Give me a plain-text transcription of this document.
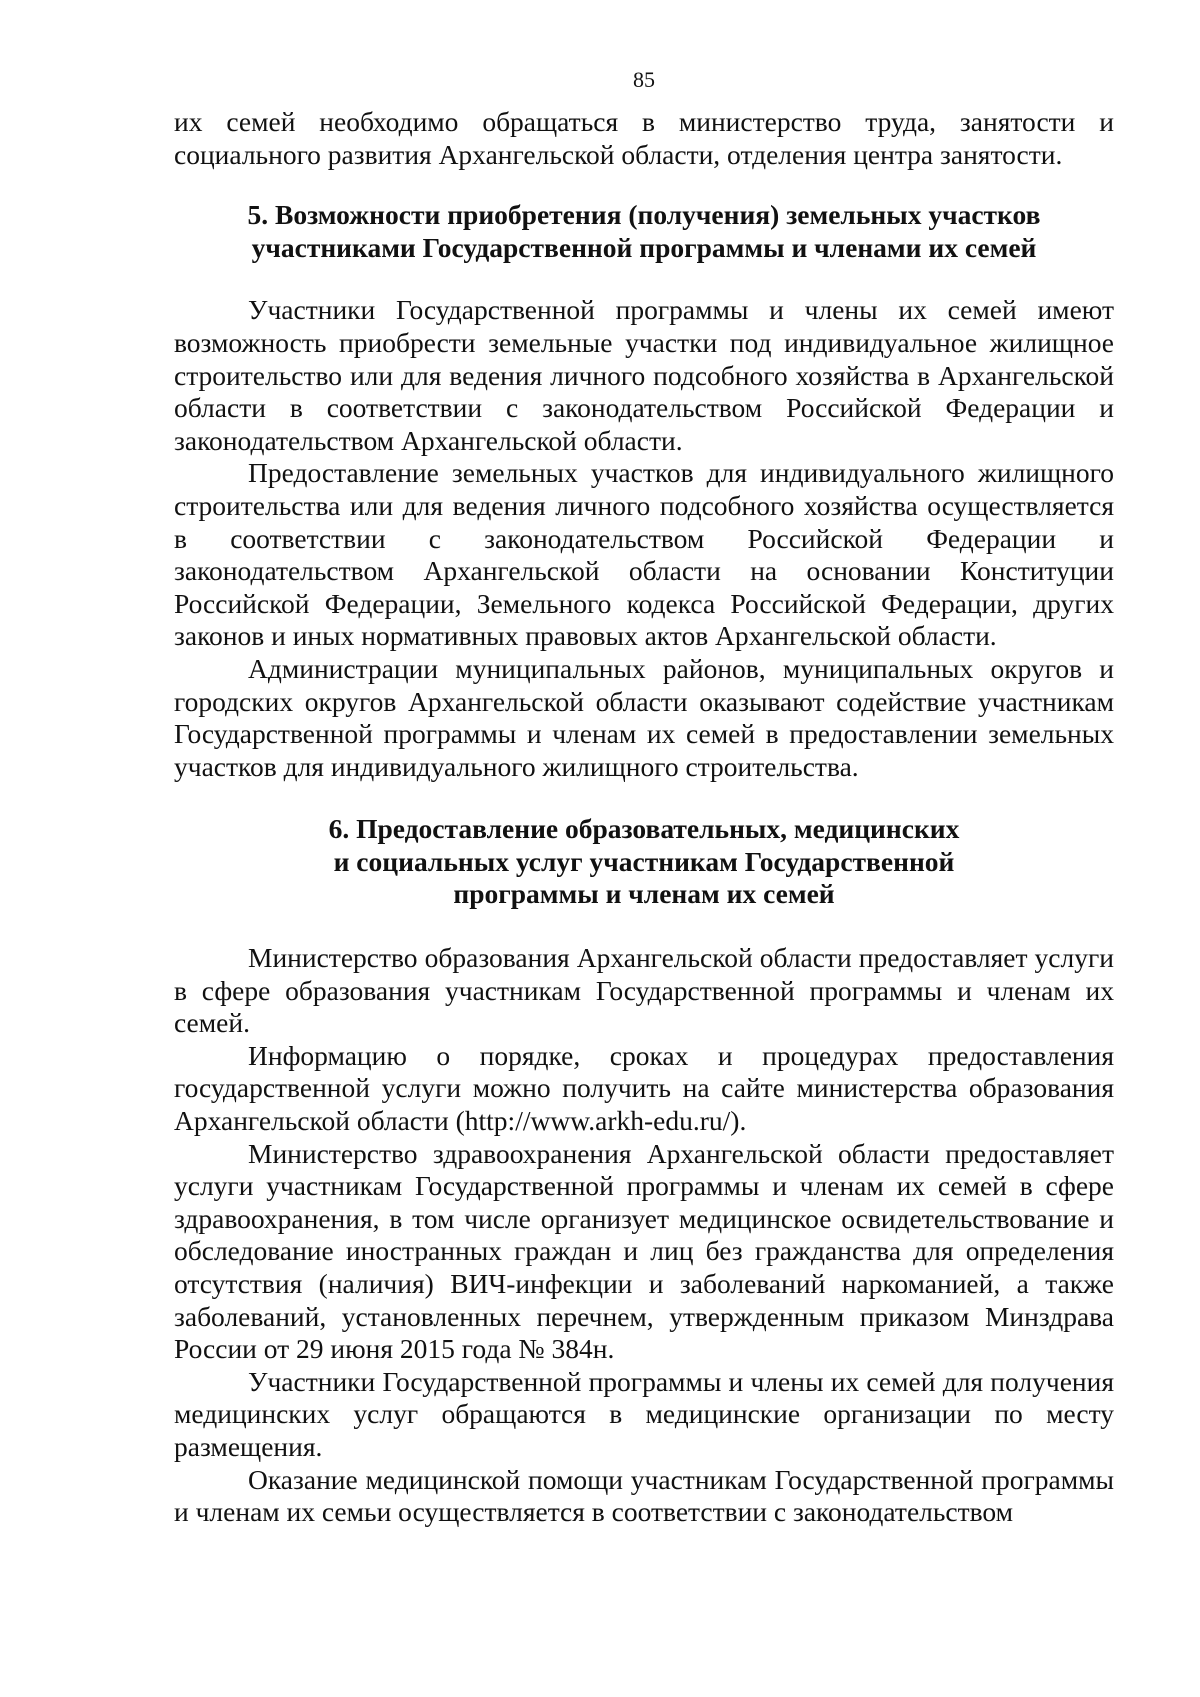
85

их семей необходимо обращаться в министерство труда, занятости и социального развития Архангельской области, отделения центра занятости.

5. Возможности приобретения (получения) земельных участков
участниками Государственной программы и членами их семей

Участники Государственной программы и члены их семей имеют возможность приобрести земельные участки под индивидуальное жилищное строительство или для ведения личного подсобного хозяйства в Архангельской области в соответствии с законодательством Российской Федерации и законодательством Архангельской области.

Предоставление земельных участков для индивидуального жилищного строительства или для ведения личного подсобного хозяйства осуществляется в соответствии с законодательством Российской Федерации и законодательством Архангельской области на основании Конституции Российской Федерации, Земельного кодекса Российской Федерации, других законов и иных нормативных правовых актов Архангельской области.

Администрации муниципальных районов, муниципальных округов и городских округов Архангельской области оказывают содействие участникам Государственной программы и членам их семей в предоставлении земельных участков для индивидуального жилищного строительства.

6. Предоставление образовательных, медицинских
и социальных услуг участникам Государственной
программы и членам их семей

Министерство образования Архангельской области предоставляет услуги в сфере образования участникам Государственной программы и членам их семей.

Информацию о порядке, сроках и процедурах предоставления государственной услуги можно получить на сайте министерства образования Архангельской области (http://www.arkh-edu.ru/).

Министерство здравоохранения Архангельской области предоставляет услуги участникам Государственной программы и членам их семей в сфере здравоохранения, в том числе организует медицинское освидетельствование и обследование иностранных граждан и лиц без гражданства для определения отсутствия (наличия) ВИЧ-инфекции и заболеваний наркоманией, а также заболеваний, установленных перечнем, утвержденным приказом Минздрава России от 29 июня 2015 года № 384н.

Участники Государственной программы и члены их семей для получения медицинских услуг обращаются в медицинские организации по месту размещения.

Оказание медицинской помощи участникам Государственной программы и членам их семьи осуществляется в соответствии с законодательством
